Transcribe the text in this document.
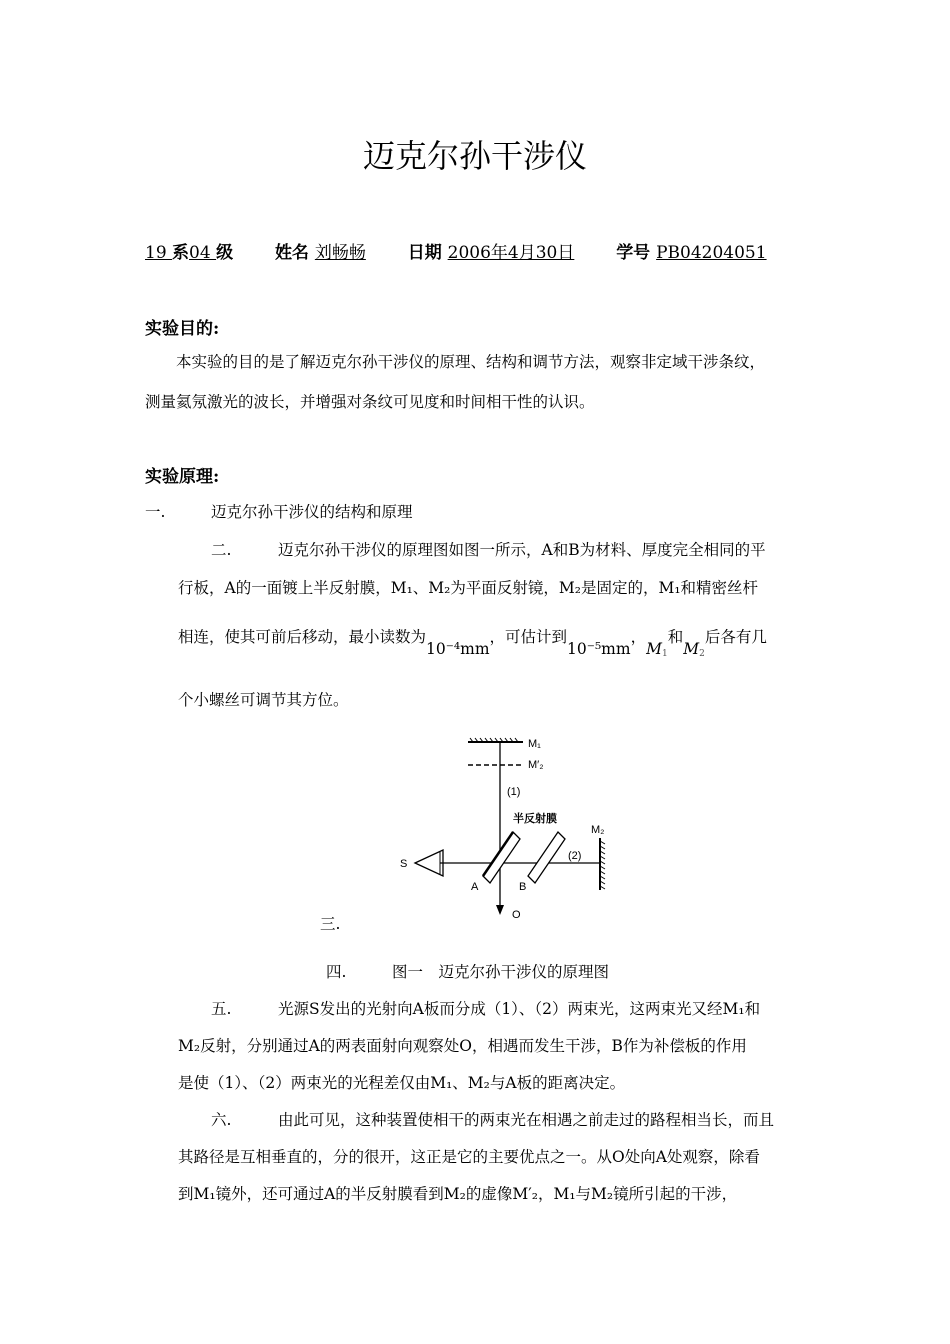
迈克尔孙干涉仪
19 系04 级 姓名 刘畅畅 日期 2006年4月30日 学号 PB04204051
实验目的:
本实验的目的是了解迈克尔孙干涉仪的原理、结构和调节方法，观察非定域干涉条纹，
测量氦氖激光的波长，并增强对条纹可见度和时间相干性的认识。
实验原理:
一.	迈克尔孙干涉仪的结构和原理
二.	迈克尔孙干涉仪的原理图如图一所示，A和B为材料、厚度完全相同的平
行板，A的一面镀上半反射膜，M₁、M₂为平面反射镜，M₂是固定的，M₁和精密丝杆
相连，使其可前后移动，最小读数为10⁻⁴mm，可估计到10⁻⁵mm，$M_1$和$M_2$后各有几
个小螺丝可调节其方位。
M₁
M′₂
(1)
半反射膜
M₂
(2)
S
A	B
O
三.
四.	图一　迈克尔孙干涉仪的原理图
五.	光源S发出的光射向A板而分成（1）、（2）两束光，这两束光又经M₁和
M₂反射，分别通过A的两表面射向观察处O，相遇而发生干涉，B作为补偿板的作用
是使（1）、（2）两束光的光程差仅由M₁、M₂与A板的距离决定。
六.	由此可见，这种装置使相干的两束光在相遇之前走过的路程相当长，而且
其路径是互相垂直的，分的很开，这正是它的主要优点之一。从O处向A处观察，除看
到M₁镜外，还可通过A的半反射膜看到M₂的虚像M′₂，M₁与M₂镜所引起的干涉，
